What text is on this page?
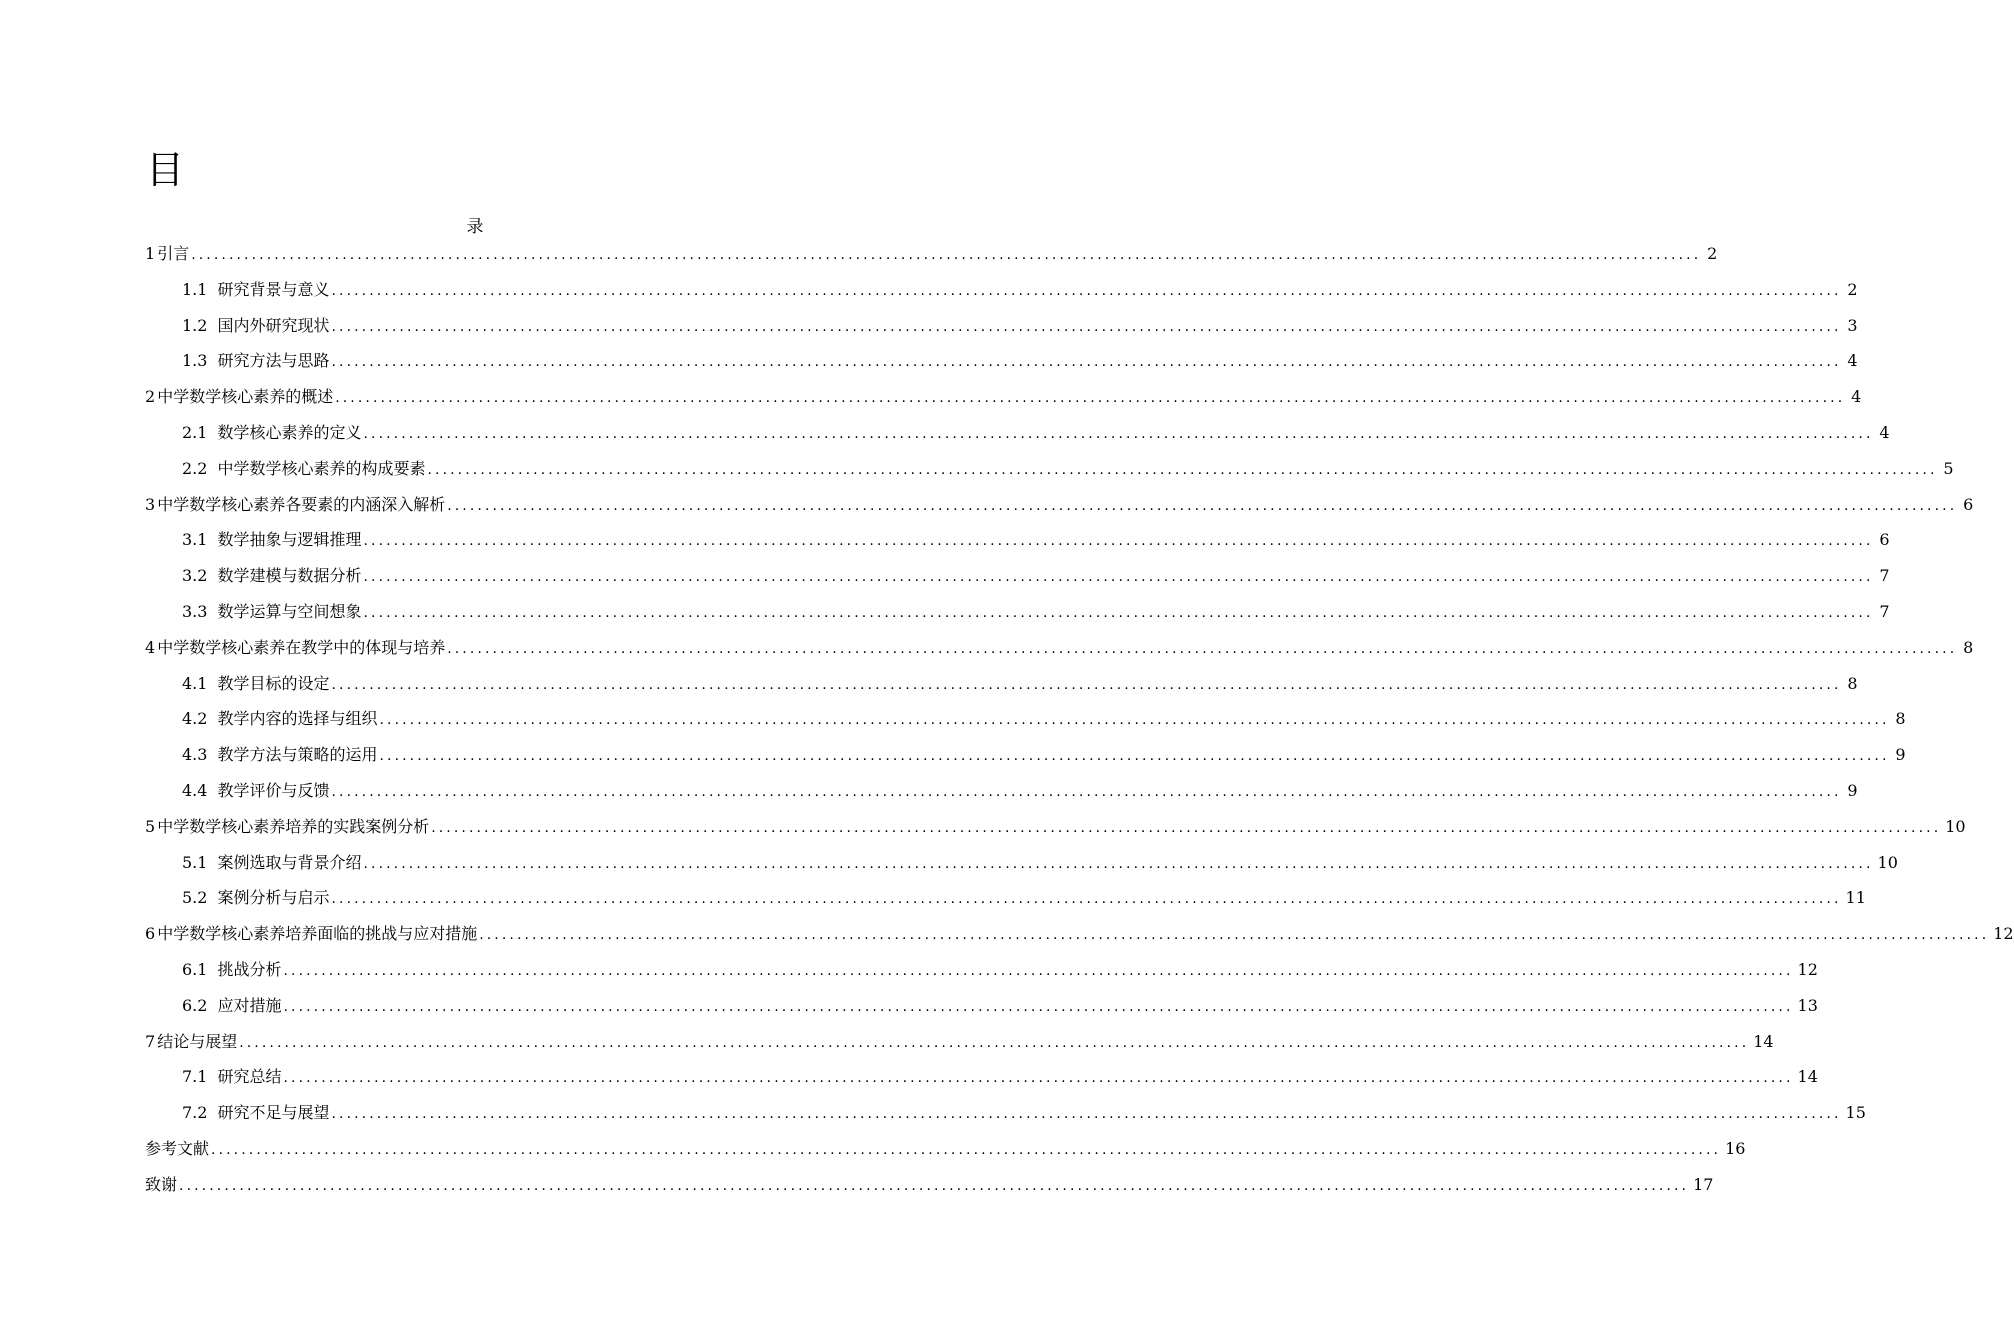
目
录
1 引言 ........................................................................................................................................................................................................ 2
1.1 研究背景与意义 ........................................................................................................................................................................................................ 2
1.2 国内外研究现状 ........................................................................................................................................................................................................ 3
1.3 研究方法与思路 ........................................................................................................................................................................................................ 4
2 中学数学核心素养的概述 ........................................................................................................................................................................................................ 4
2.1 数学核心素养的定义 ........................................................................................................................................................................................................ 4
2.2 中学数学核心素养的构成要素 ........................................................................................................................................................................................................ 5
3 中学数学核心素养各要素的内涵深入解析 ........................................................................................................................................................................................................ 6
3.1 数学抽象与逻辑推理 ........................................................................................................................................................................................................ 6
3.2 数学建模与数据分析 ........................................................................................................................................................................................................ 7
3.3 数学运算与空间想象 ........................................................................................................................................................................................................ 7
4 中学数学核心素养在教学中的体现与培养 ........................................................................................................................................................................................................ 8
4.1 教学目标的设定 ........................................................................................................................................................................................................ 8
4.2 教学内容的选择与组织 ........................................................................................................................................................................................................ 8
4.3 教学方法与策略的运用 ........................................................................................................................................................................................................ 9
4.4 教学评价与反馈 ........................................................................................................................................................................................................ 9
5 中学数学核心素养培养的实践案例分析 ........................................................................................................................................................................................................ 10
5.1 案例选取与背景介绍 ........................................................................................................................................................................................................ 10
5.2 案例分析与启示 ........................................................................................................................................................................................................ 11
6 中学数学核心素养培养面临的挑战与应对措施 ........................................................................................................................................................................................................ 12
6.1 挑战分析 ........................................................................................................................................................................................................ 12
6.2 应对措施 ........................................................................................................................................................................................................ 13
7 结论与展望 ........................................................................................................................................................................................................ 14
7.1 研究总结 ........................................................................................................................................................................................................ 14
7.2 研究不足与展望 ........................................................................................................................................................................................................ 15
参考文献 ........................................................................................................................................................................................................ 16
致谢 ........................................................................................................................................................................................................ 17
